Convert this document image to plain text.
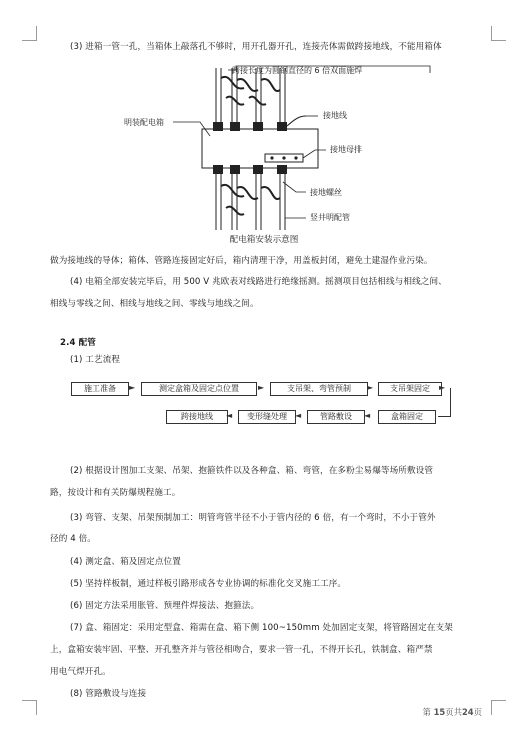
(3) 进箱一管一孔，当箱体上敲落孔不够时，用开孔器开孔，连接壳体需做跨接地线，不能用箱体
跨接长度为圆钢直径的 6 倍双面施焊
明装配电箱
接地线
接地母排
接地螺丝
竖井明配管
配电箱安装示意图
做为接地线的导体；箱体、管路连接固定好后，箱内清理干净，用盖板封闭，避免土建湿作业污染。
(4) 电箱全部安装完毕后，用 500 V 兆欧表对线路进行绝缘摇测。摇测项目包括相线与相线之间、
相线与零线之间、相线与地线之间、零线与地线之间。
2.4 配管
(1) 工艺流程
施工准备	►	测定盒箱及固定点位置	►	支吊架、弯管预制	►	支吊架固定	►
跨接地线	◄	变形缝处理	◄	管路敷设	◄	盒箱固定
(2) 根据设计图加工支架、吊架、抱箍铁件以及各种盒、箱、弯管，在多粉尘易爆等场所敷设管
路，按设计和有关防爆规程施工。
(3) 弯管、支架、吊架预制加工：明管弯管半径不小于管内径的 6 倍，有一个弯时，不小于管外
径的 4 倍。
(4) 测定盒、箱及固定点位置
(5) 坚持样板制，通过样板引路形成各专业协调的标准化交叉施工工序。
(6) 固定方法采用胀管、预埋件焊接法、抱箍法。
(7) 盒、箱固定：采用定型盒、箱需在盒、箱下侧 100~150mm 处加固定支架，将管路固定在支架
上，盒箱安装牢固、平整、开孔整齐并与管径相吻合，要求一管一孔，不得开长孔，铁制盒、箱严禁
用电气焊开孔。
(8) 管路敷设与连接
第 15页共24页
